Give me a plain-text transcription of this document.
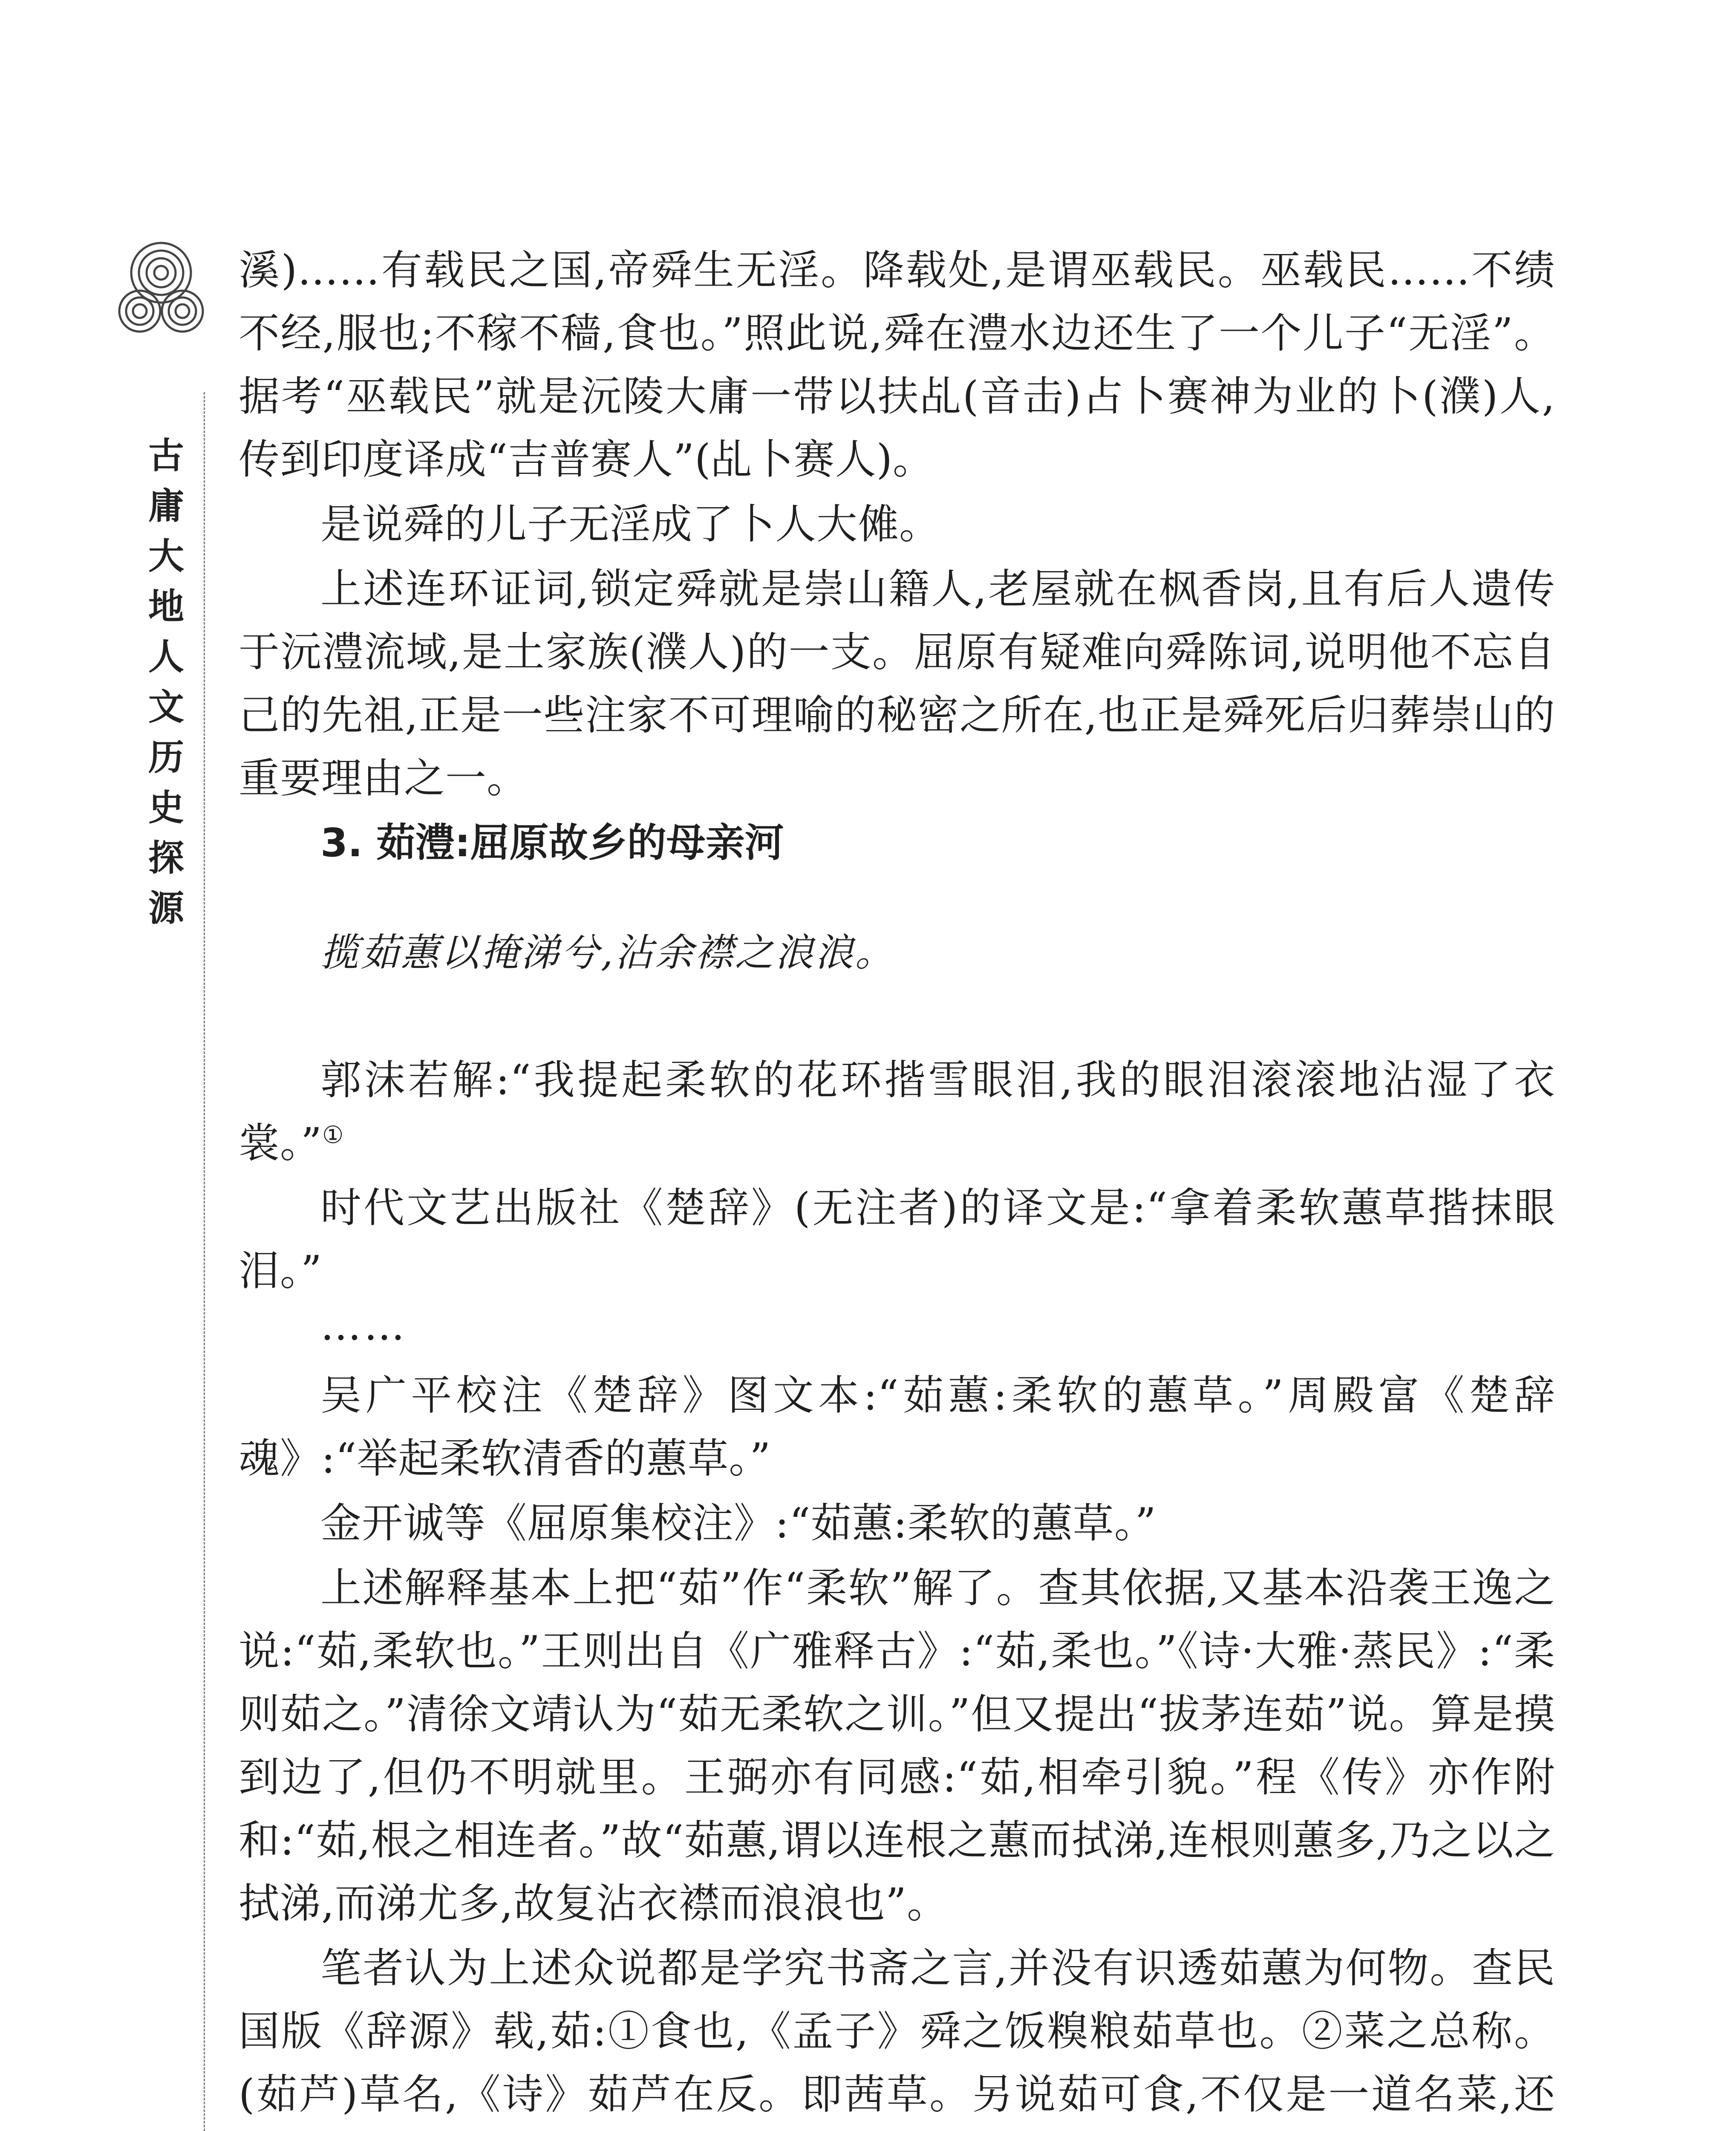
古
庸
大
地
人
文
历
史
探
源

溪)……有载民之国,帝舜生无淫。降载处,是谓巫载民。巫载民……不绩不经,服也;不稼不穑,食也。”照此说,舜在澧水边还生了一个儿子“无淫”。据考“巫载民”就是沅陵大庸一带以扶乩(音击)占卜赛神为业的卜(濮)人,传到印度译成“吉普赛人”(乩卜赛人)。

是说舜的儿子无淫成了卜人大傩。

上述连环证词,锁定舜就是崇山籍人,老屋就在枫香岗,且有后人遗传于沅澧流域,是土家族(濮人)的一支。屈原有疑难向舜陈词,说明他不忘自己的先祖,正是一些注家不可理喻的秘密之所在,也正是舜死后归葬崇山的重要理由之一。

3. 茹澧:屈原故乡的母亲河

揽茹蕙以掩涕兮,沾余襟之浪浪。

郭沫若解:“我提起柔软的花环揩雪眼泪,我的眼泪滚滚地沾湿了衣裳。”①

时代文艺出版社《楚辞》(无注者)的译文是:“拿着柔软蕙草揩抹眼泪。”

……

吴广平校注《楚辞》图文本:“茹蕙:柔软的蕙草。”周殿富《楚辞魂》:“举起柔软清香的蕙草。”

金开诚等《屈原集校注》:“茹蕙:柔软的蕙草。”

上述解释基本上把“茹”作“柔软”解了。查其依据,又基本沿袭王逸之说:“茹,柔软也。”王则出自《广雅释古》:“茹,柔也。”《诗·大雅·蒸民》:“柔则茹之。”清徐文靖认为“茹无柔软之训。”但又提出“拔茅连茹”说。算是摸到边了,但仍不明就里。王弼亦有同感:“茹,相牵引貌。”程《传》亦作附和:“茹,根之相连者。”故“茹蕙,谓以连根之蕙而拭涕,连根则蕙多,乃之以之拭涕,而涕尤多,故复沾衣襟而浪浪也”。

笔者认为上述众说都是学究书斋之言,并没有识透茹蕙为何物。查民国版《辞源》载,茹:①食也,《孟子》舜之饭糗粮茹草也。②菜之总称。(茹芦)草名,《诗》茹芦在反。即茜草。另说茹可食,不仅是一道名菜,还
